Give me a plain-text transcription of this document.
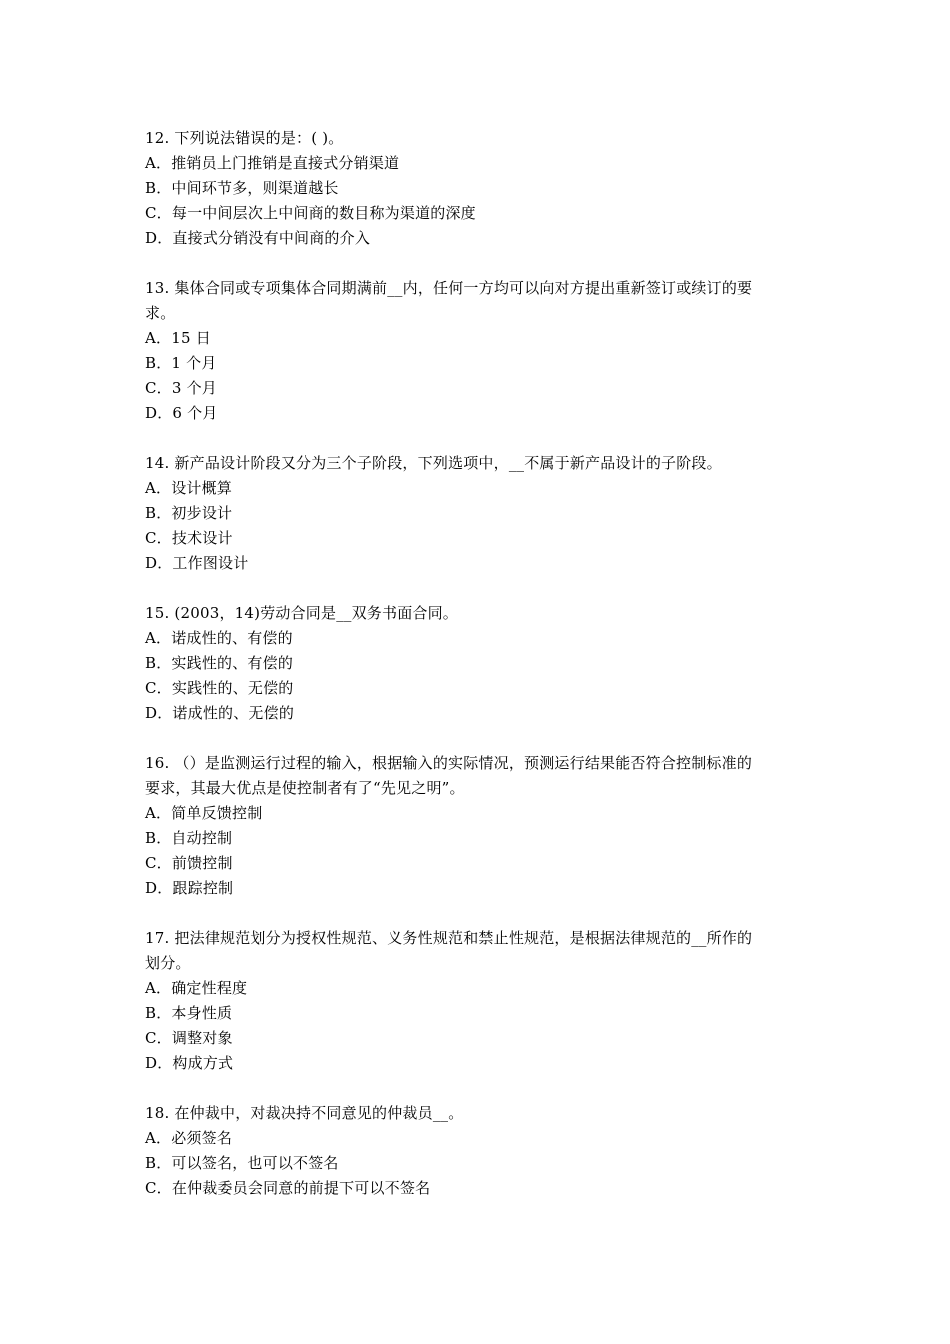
12. 下列说法错误的是：( )。

A．推销员上门推销是直接式分销渠道

B．中间环节多，则渠道越长

C．每一中间层次上中间商的数目称为渠道的深度

D．直接式分销没有中间商的介入

13. 集体合同或专项集体合同期满前__内，任何一方均可以向对方提出重新签订或续订的要

求。

A．15 日

B．1 个月

C．3 个月

D．6 个月

14. 新产品设计阶段又分为三个子阶段，下列选项中，__不属于新产品设计的子阶段。

A．设计概算

B．初步设计

C．技术设计

D．工作图设计

15. (2003，14)劳动合同是__双务书面合同。

A．诺成性的、有偿的

B．实践性的、有偿的

C．实践性的、无偿的

D．诺成性的、无偿的

16. （）是监测运行过程的输入，根据输入的实际情况，预测运行结果能否符合控制标准的

要求，其最大优点是使控制者有了“先见之明”。

A．简单反馈控制

B．自动控制

C．前馈控制

D．跟踪控制

17. 把法律规范划分为授权性规范、义务性规范和禁止性规范，是根据法律规范的__所作的

划分。

A．确定性程度

B．本身性质

C．调整对象

D．构成方式

18. 在仲裁中，对裁决持不同意见的仲裁员__。

A．必须签名

B．可以签名，也可以不签名

C．在仲裁委员会同意的前提下可以不签名
